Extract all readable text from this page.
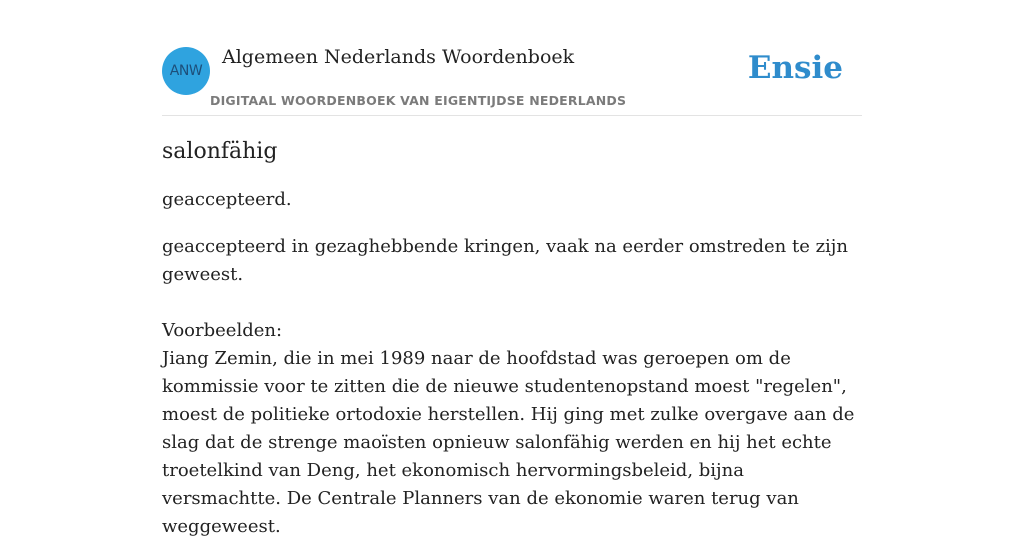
ANW
Algemeen Nederlands Woordenboek
DIGITAAL WOORDENBOEK VAN EIGENTIJDSE NEDERLANDS
Ensie
salonfähig

geaccepteerd.

geaccepteerd in gezaghebbende kringen, vaak na eerder omstreden te zijn geweest.

Voorbeelden:

Jiang Zemin, die in mei 1989 naar de hoofdstad was geroepen om de kommissie voor te zitten die de nieuwe studentenopstand moest "regelen", moest de politieke ortodoxie herstellen. Hij ging met zulke overgave aan de slag dat de strenge maoïsten opnieuw salonfähig werden en hij het echte troetelkind van Deng, het ekonomisch hervormingsbeleid, bijna versmachtte. De Centrale Planners van de ekonomie waren terug van weggeweest.
